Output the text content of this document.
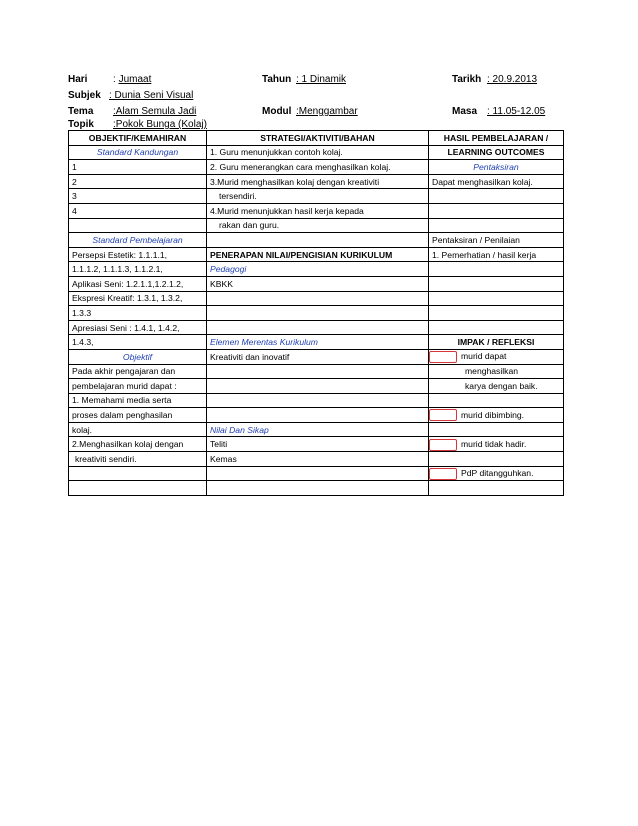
Hari	: Jumaat	Tahun : 1 Dinamik	Tarikh : 20.9.2013
Subjek : Dunia Seni Visual
Tema :Alam Semula Jadi	Modul :Menggambar	Masa : 11.05-12.05
Topik :Pokok Bunga (Kolaj)
OBJEKTIF/KEMAHIRAN	STRATEGI/AKTIVITI/BAHAN	HASIL PEMBELAJARAN /
Standard Kandungan	1. Guru menunjukkan contoh kolaj.	LEARNING OUTCOMES
1	2. Guru menerangkan cara menghasilkan kolaj.	Pentaksiran
2	3.Murid menghasilkan kolaj dengan kreativiti	Dapat menghasilkan kolaj.
3	tersendiri.	
4	4.Murid menunjukkan hasil kerja kepada	
	rakan dan guru.	
Standard Pembelajaran		Pentaksiran / Penilaian
Persepsi Estetik: 1.1.1.1,	PENERAPAN NILAI/PENGISIAN KURIKULUM	1. Pemerhatian / hasil kerja
1.1.1.2, 1.1.1.3, 1.1.2.1,	Pedagogi	
Aplikasi Seni: 1.2.1.1,1.2.1.2,	KBKK	
Ekspresi Kreatif: 1.3.1, 1.3.2,		
1.3.3		
Apresiasi Seni : 1.4.1, 1.4.2,		
1.4.3,	Elemen Merentas Kurikulum	IMPAK / REFLEKSI
Objektif	Kreativiti dan inovatif	murid dapat
Pada akhir pengajaran dan		menghasilkan
pembelajaran murid dapat :		karya dengan baik.
1. Memahami media serta		
proses dalam penghasilan		murid dibimbing.
kolaj.	Nilai Dan Sikap	
2.Menghasilkan kolaj dengan	Teliti	murid tidak hadir.
kreativiti sendiri.	Kemas	
		PdP ditangguhkan.
